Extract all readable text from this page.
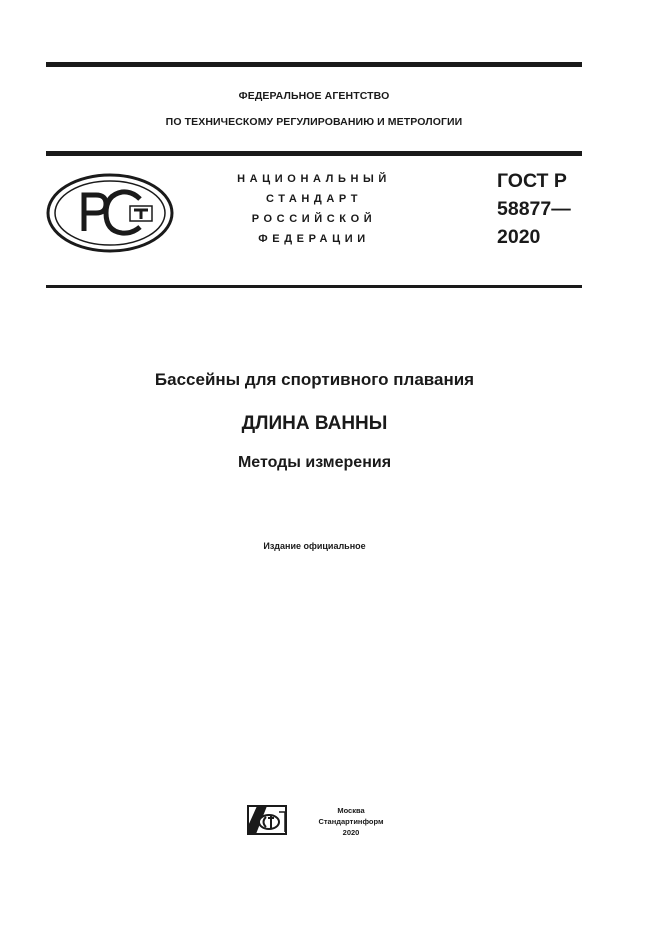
ФЕДЕРАЛЬНОЕ АГЕНТСТВО
ПО ТЕХНИЧЕСКОМУ РЕГУЛИРОВАНИЮ И МЕТРОЛОГИИ
НАЦИОНАЛЬНЫЙ
СТАНДАРТ
РОССИЙСКОЙ
ФЕДЕРАЦИИ
ГОСТ Р
58877—
2020
Бассейны для спортивного плавания
ДЛИНА ВАННЫ
Методы измерения
Издание официальное
Москва
Стандартинформ
2020
